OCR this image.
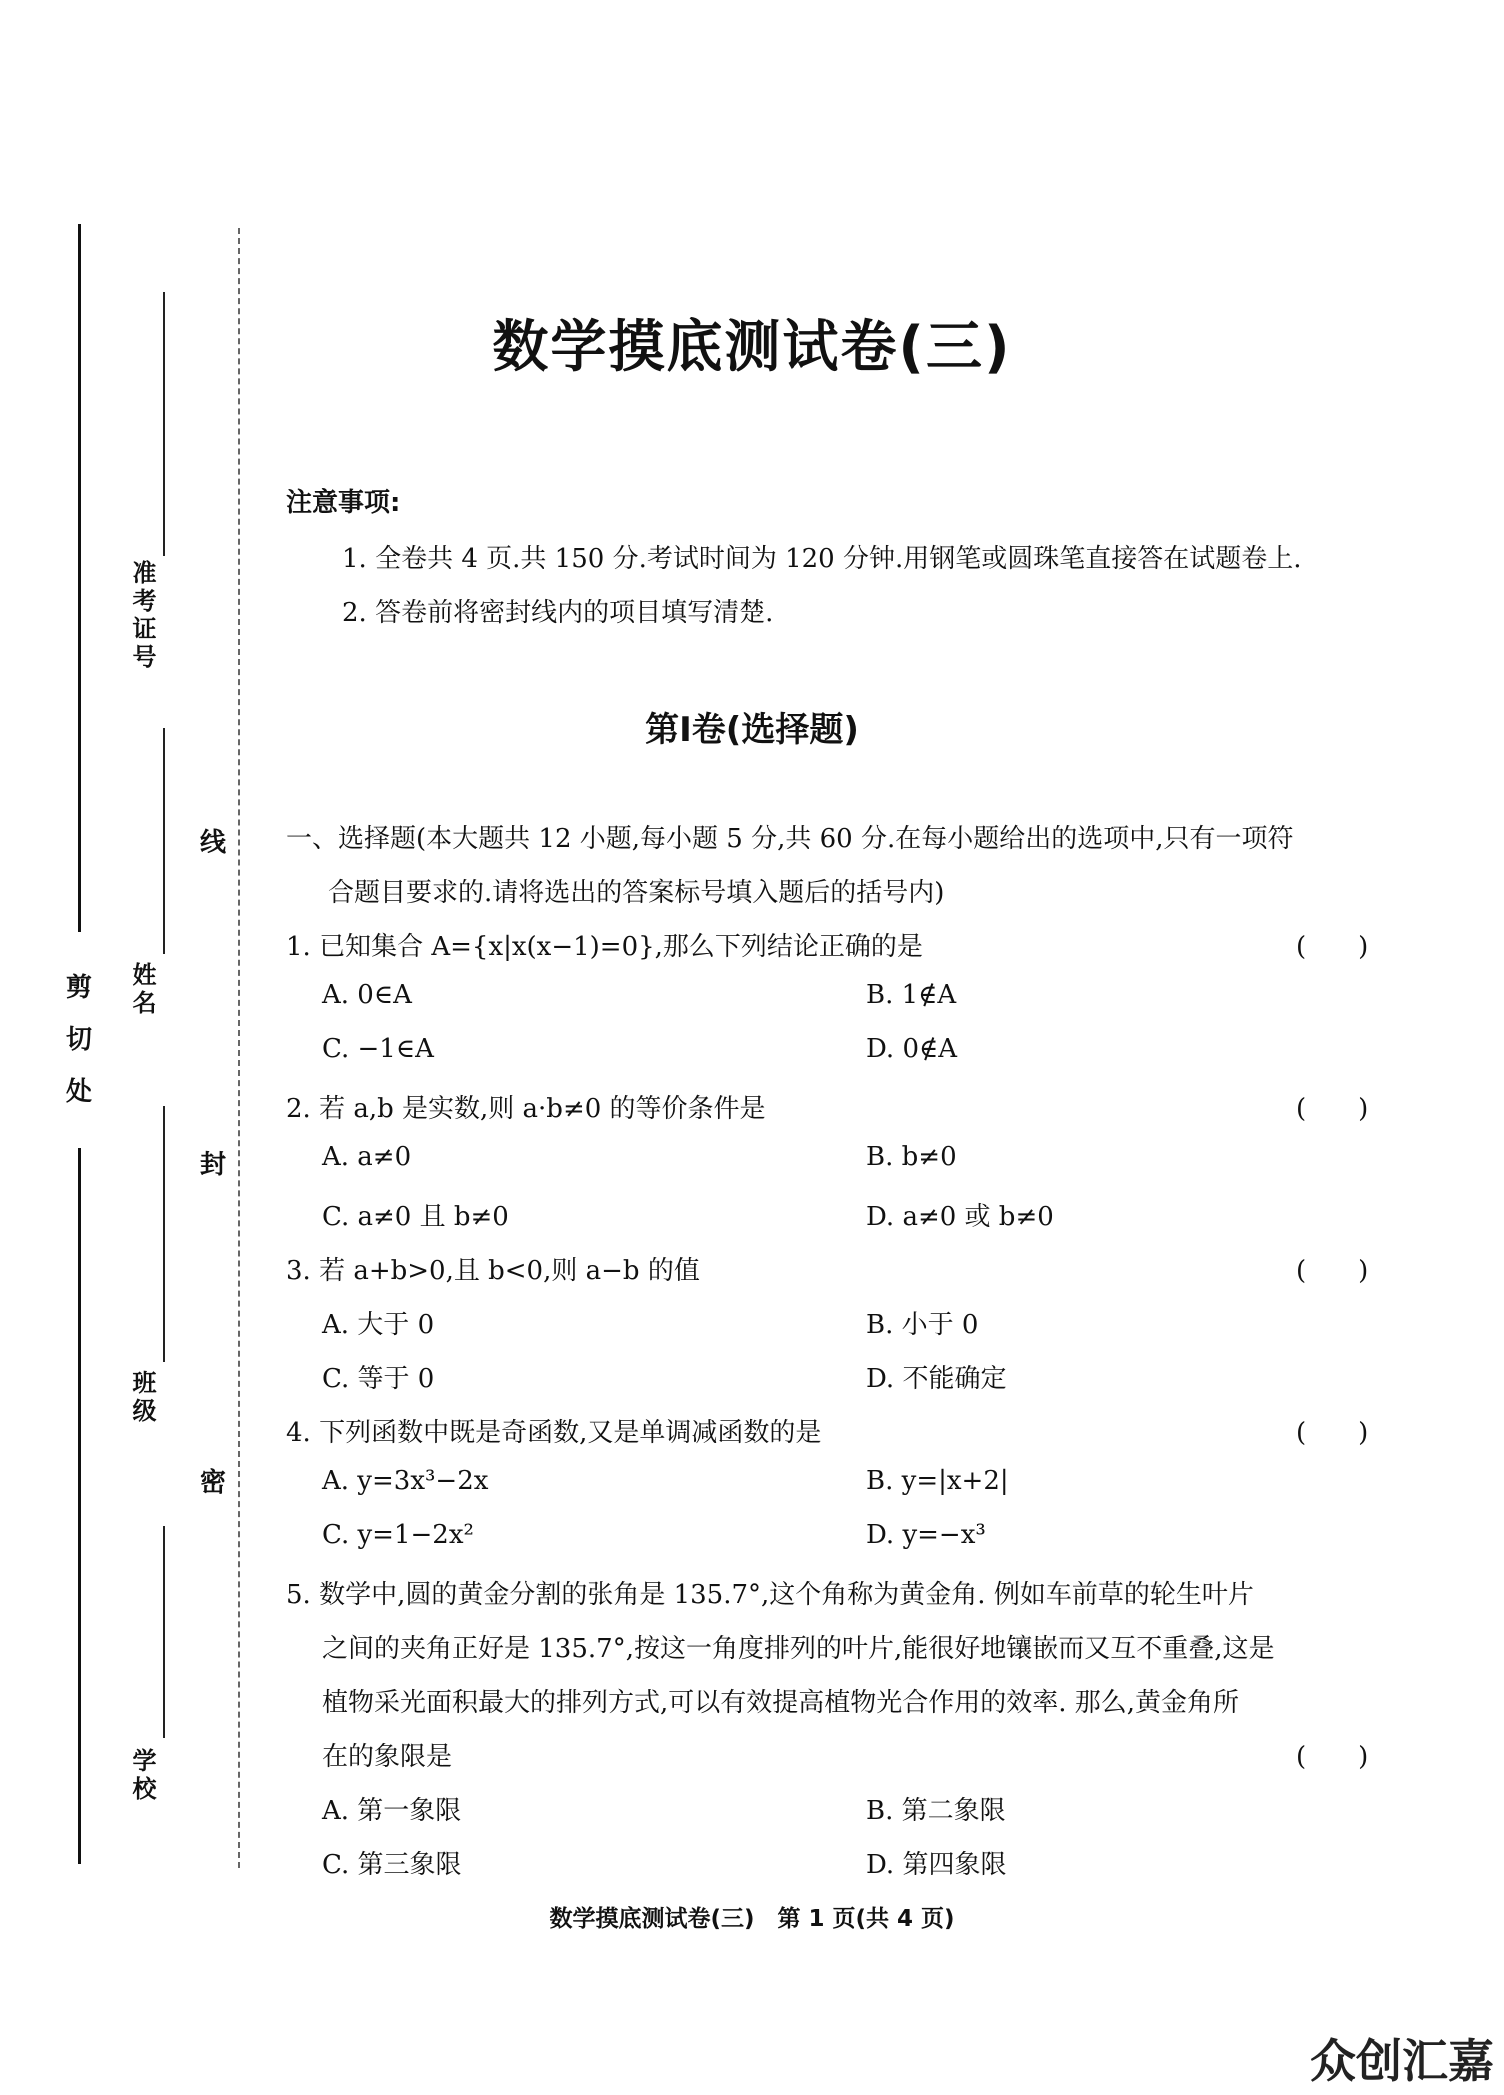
剪
切
处
线
封
密
准考证号
姓名
班级
学校
数学摸底测试卷(三)
注意事项:
1. 全卷共 4 页.共 150 分.考试时间为 120 分钟.用钢笔或圆珠笔直接答在试题卷上.
2. 答卷前将密封线内的项目填写清楚.
第Ⅰ卷(选择题)
一、选择题(本大题共 12 小题,每小题 5 分,共 60 分.在每小题给出的选项中,只有一项符
合题目要求的.请将选出的答案标号填入题后的括号内)
1. 已知集合 A={x|x(x−1)=0},那么下列结论正确的是	(　　)
A. 0∈A	B. 1∉A
C. −1∈A	D. 0∉A
2. 若 a,b 是实数,则 a·b≠0 的等价条件是	(　　)
A. a≠0	B. b≠0
C. a≠0 且 b≠0	D. a≠0 或 b≠0
3. 若 a+b>0,且 b<0,则 a−b 的值	(　　)
A. 大于 0	B. 小于 0
C. 等于 0	D. 不能确定
4. 下列函数中既是奇函数,又是单调减函数的是	(　　)
A. y=3x³−2x	B. y=|x+2|
C. y=1−2x²	D. y=−x³
5. 数学中,圆的黄金分割的张角是 135.7°,这个角称为黄金角. 例如车前草的轮生叶片
之间的夹角正好是 135.7°,按这一角度排列的叶片,能很好地镶嵌而又互不重叠,这是
植物采光面积最大的排列方式,可以有效提高植物光合作用的效率. 那么,黄金角所
在的象限是	(　　)
A. 第一象限	B. 第二象限
C. 第三象限	D. 第四象限
数学摸底测试卷(三)　第 1 页(共 4 页)
众创汇嘉
